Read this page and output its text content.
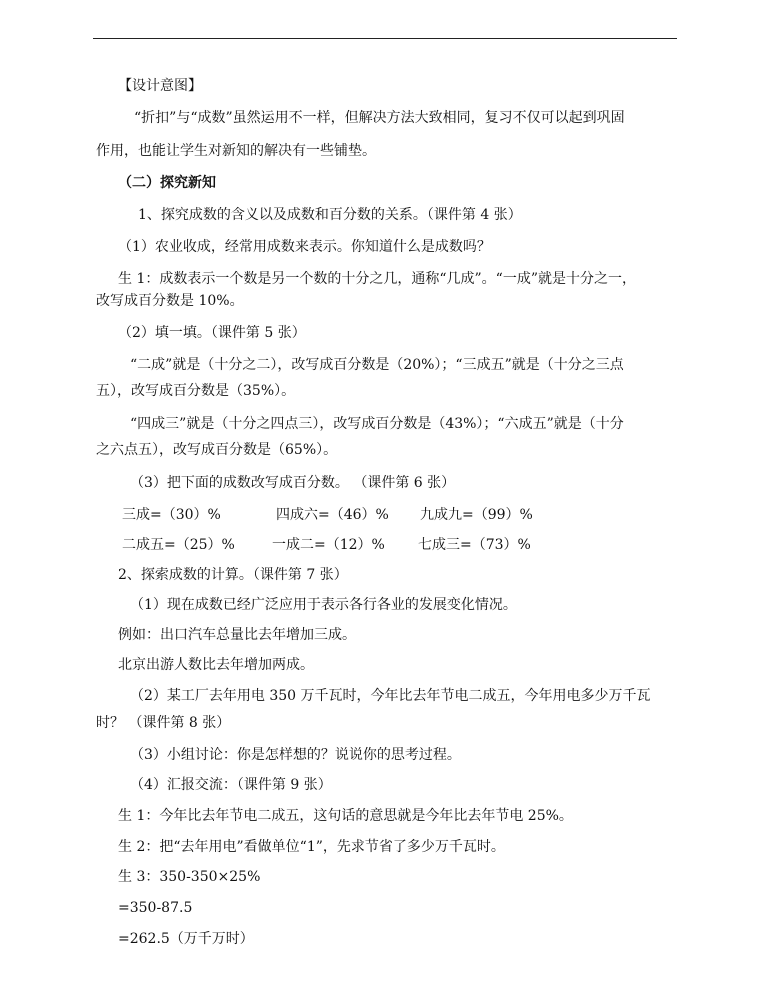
【设计意图】
“折扣”与“成数”虽然运用不一样，但解决方法大致相同，复习不仅可以起到巩固
作用，也能让学生对新知的解决有一些铺垫。
（二）探究新知
1、探究成数的含义以及成数和百分数的关系。（课件第 4 张）
（1）农业收成，经常用成数来表示。你知道什么是成数吗？
生 1：成数表示一个数是另一个数的十分之几，通称“几成”。“一成”就是十分之一，
改写成百分数是 10%。
（2）填一填。（课件第 5 张）
“二成”就是（十分之二），改写成百分数是（20%）；“三成五”就是（十分之三点
五），改写成百分数是（35%）。
“四成三”就是（十分之四点三），改写成百分数是（43%）；“六成五”就是（十分
之六点五），改写成百分数是（65%）。
（3）把下面的成数改写成百分数。 （课件第 6 张）
三成=（30）%	四成六=（46）% 九成九=（99）%
二成五=（25）%	一成二=（12）% 七成三=（73）%
2、探索成数的计算。（课件第 7 张）
（1）现在成数已经广泛应用于表示各行各业的发展变化情况。
例如：出口汽车总量比去年增加三成。
北京出游人数比去年增加两成。
（2）某工厂去年用电 350 万千瓦时，今年比去年节电二成五，今年用电多少万千瓦
时？ （课件第 8 张）
（3）小组讨论：你是怎样想的？说说你的思考过程。
（4）汇报交流：（课件第 9 张）
生 1：今年比去年节电二成五，这句话的意思就是今年比去年节电 25%。
生 2：把“去年用电”看做单位“1”，先求节省了多少万千瓦时。
生 3：350-350×25%
=350-87.5
=262.5（万千万时）
